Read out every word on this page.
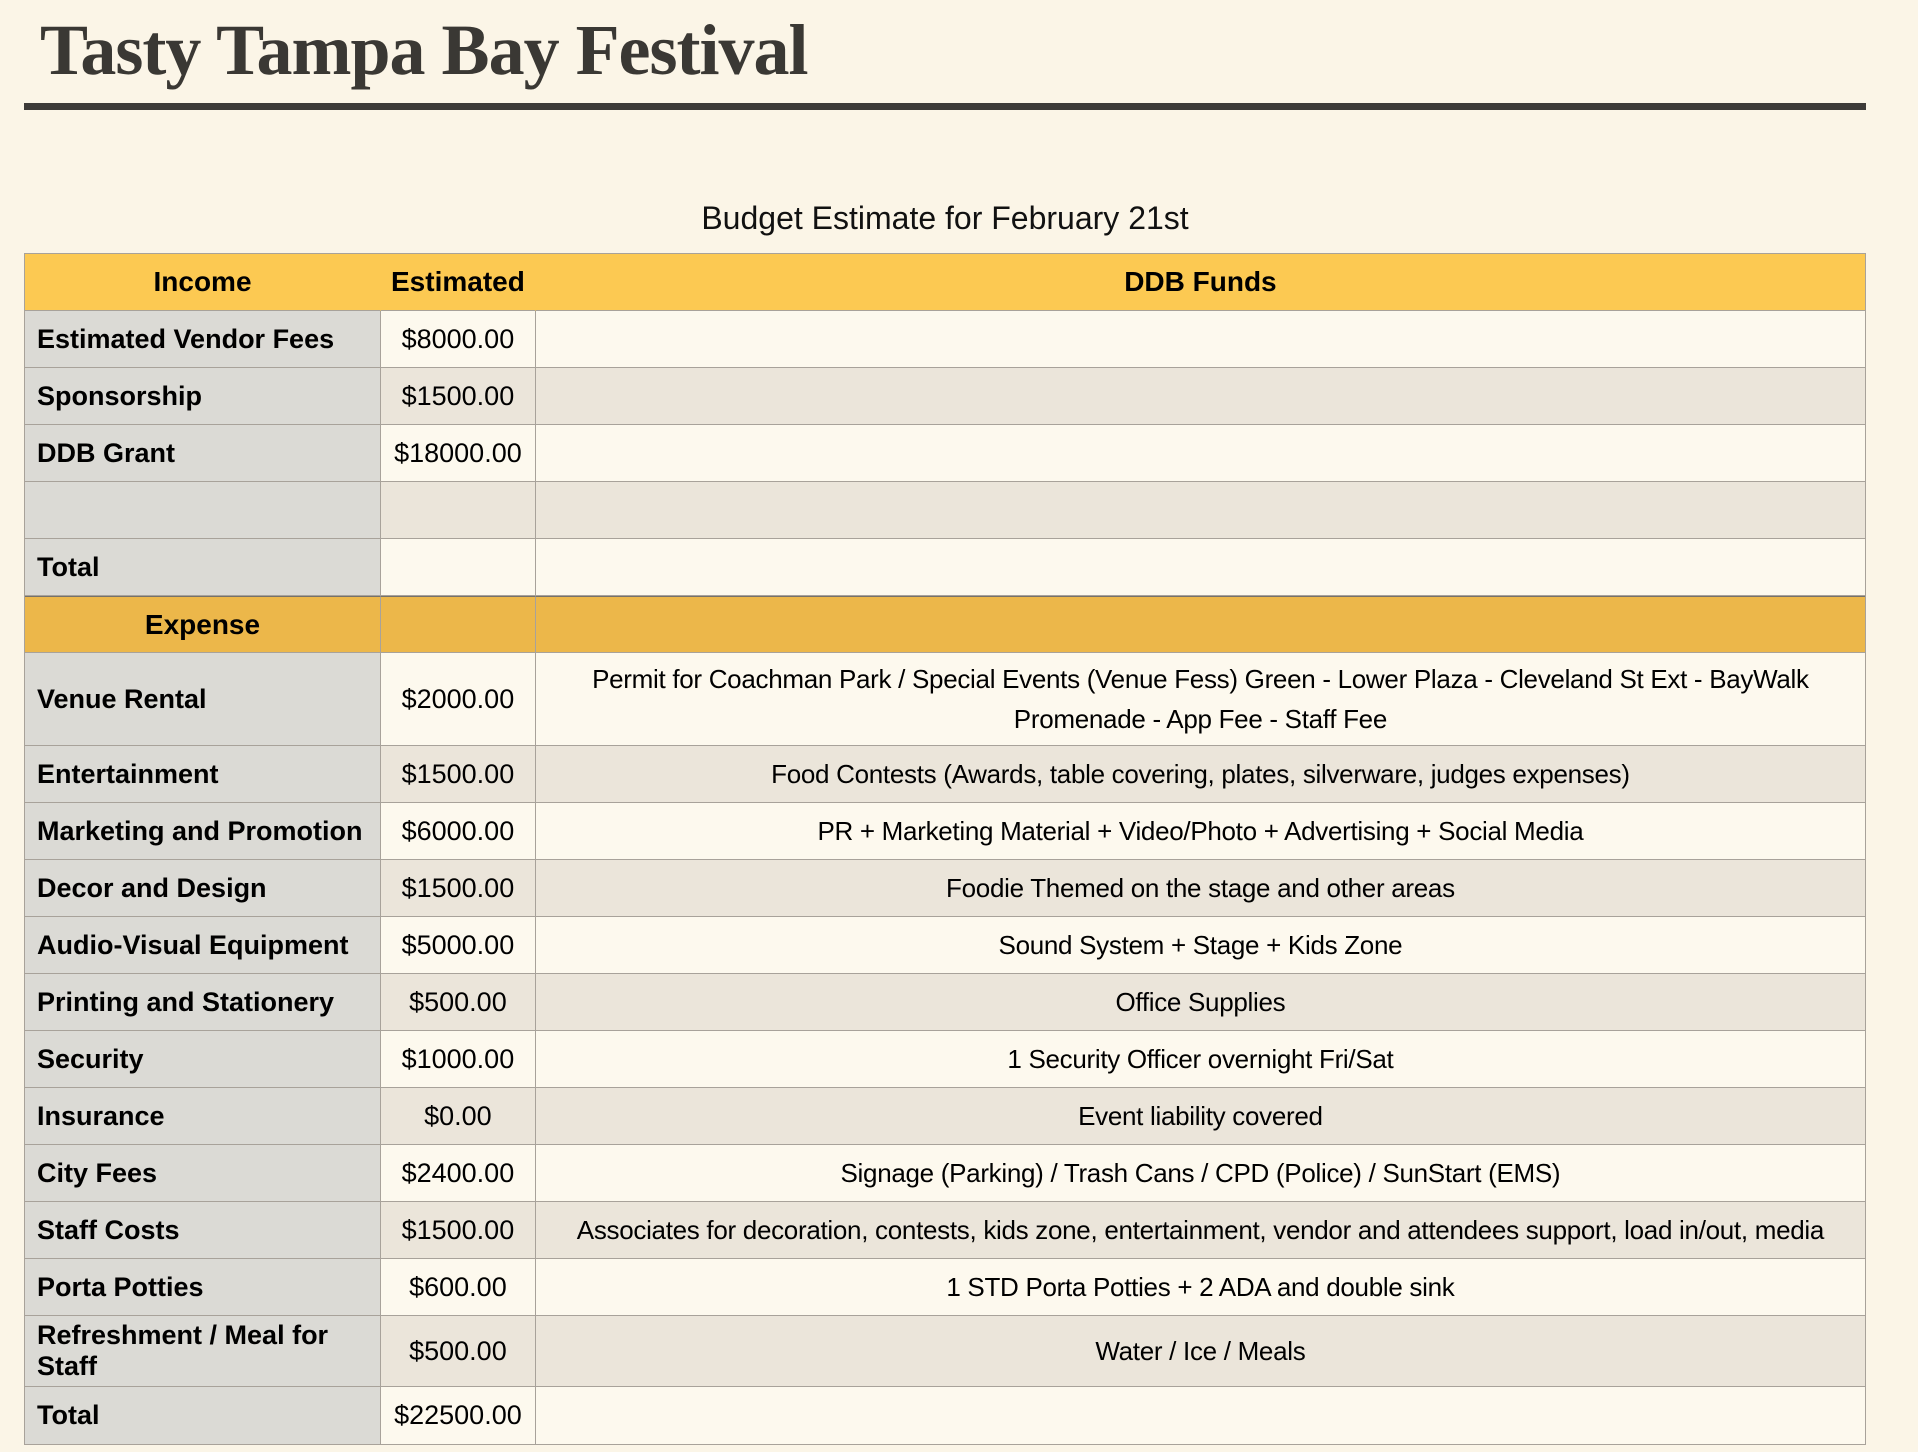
Tasty Tampa Bay Festival
Budget Estimate for February 21st
Income	Estimated	DDB Funds
Estimated Vendor Fees	$8000.00	
Sponsorship	$1500.00	
DDB Grant	$18000.00	

Total		
Expense		
Venue Rental	$2000.00	Permit for Coachman Park / Special Events (Venue Fess) Green - Lower Plaza - Cleveland St Ext - BayWalk Promenade - App Fee - Staff Fee
Entertainment	$1500.00	Food Contests (Awards, table covering, plates, silverware, judges expenses)
Marketing and Promotion	$6000.00	PR + Marketing Material + Video/Photo + Advertising + Social Media
Decor and Design	$1500.00	Foodie Themed on the stage and other areas
Audio-Visual Equipment	$5000.00	Sound System + Stage + Kids Zone
Printing and Stationery	$500.00	Office Supplies
Security	$1000.00	1 Security Officer overnight Fri/Sat
Insurance	$0.00	Event liability covered
City Fees	$2400.00	Signage (Parking) / Trash Cans / CPD (Police) / SunStart (EMS)
Staff Costs	$1500.00	Associates for decoration, contests, kids zone, entertainment, vendor and attendees support, load in/out, media
Porta Potties	$600.00	1 STD Porta Potties + 2 ADA and double sink
Refreshment / Meal for Staff	$500.00	Water / Ice / Meals
Total	$22500.00	
